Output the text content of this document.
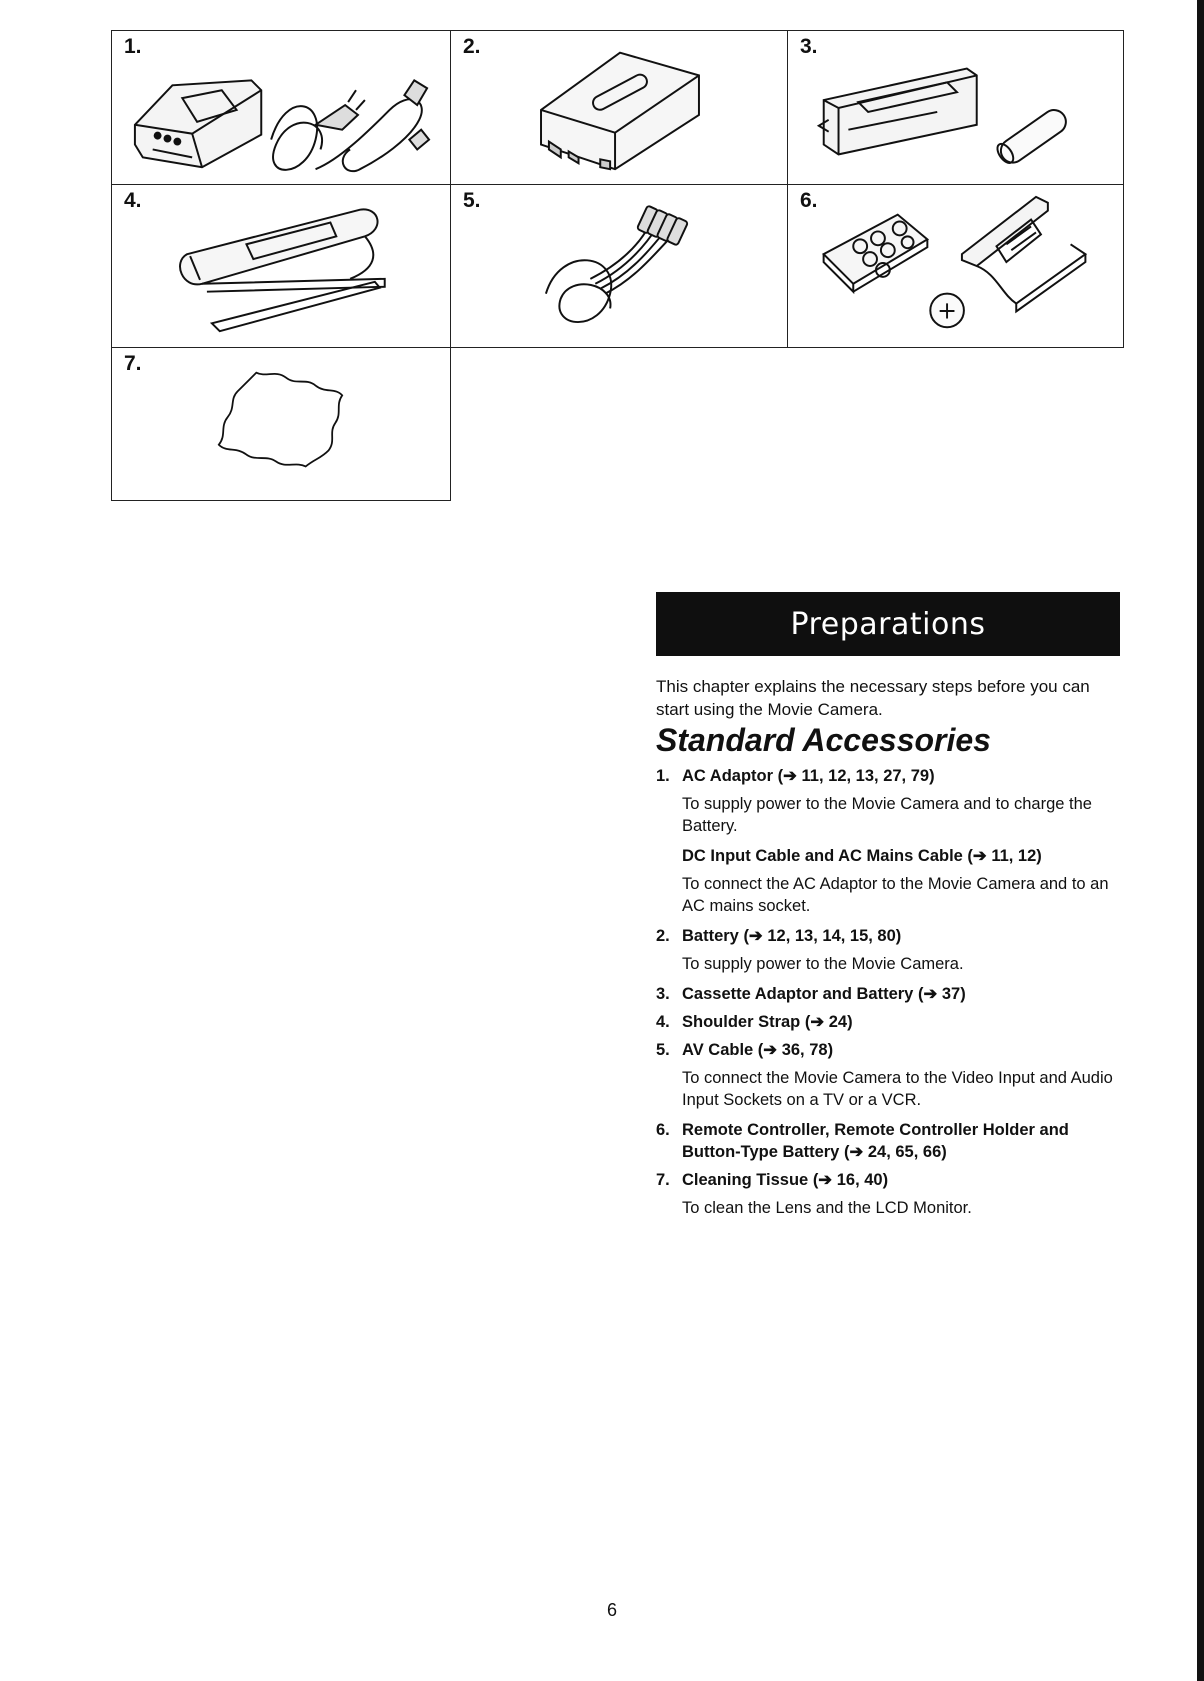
1.	2.	3.
4.	5.	6.
+
7.
Preparations
This chapter explains the necessary steps before you can start using the Movie Camera.
Standard Accessories
1. AC Adaptor (➔ 11, 12, 13, 27, 79)
To supply power to the Movie Camera and to charge the Battery.
DC Input Cable and AC Mains Cable (➔ 11, 12)
To connect the AC Adaptor to the Movie Camera and to an AC mains socket.
2. Battery (➔ 12, 13, 14, 15, 80)
To supply power to the Movie Camera.
3. Cassette Adaptor and Battery (➔ 37)
4. Shoulder Strap (➔ 24)
5. AV Cable (➔ 36, 78)
To connect the Movie Camera to the Video Input and Audio Input Sockets on a TV or a VCR.
6. Remote Controller, Remote Controller Holder and Button-Type Battery (➔ 24, 65, 66)
7. Cleaning Tissue (➔ 16, 40)
To clean the Lens and the LCD Monitor.
6
